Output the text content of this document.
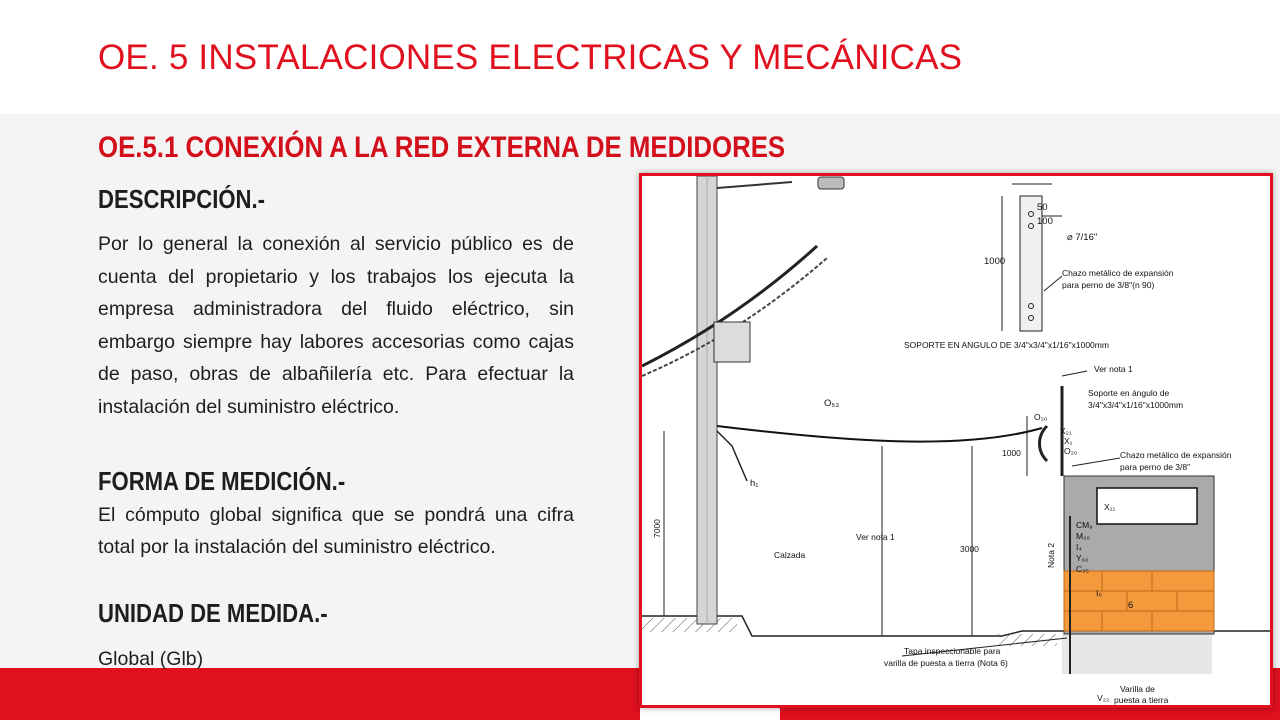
OE. 5 INSTALACIONES ELECTRICAS Y MECÁNICAS
OE.5.1 CONEXIÓN A LA RED EXTERNA DE MEDIDORES
DESCRIPCIÓN.-

Por lo general la conexión al servicio público es de cuenta del propietario y los trabajos los ejecuta la empresa administradora del fluido eléctrico, sin embargo siempre hay labores accesorias como cajas de paso, obras de albañilería etc. Para efectuar la instalación del suministro eléctrico.

FORMA DE MEDICIÓN.-

El cómputo global significa que se pondrá una cifra total por la instalación del suministro eléctrico.

UNIDAD DE MEDIDA.-

Global (Glb)

50
100
⌀ 7/16"
1000
Chazo metálico de expansión
para perno de 3/8"(n 90)
SOPORTE EN ANGULO DE 3/4"x3/4"x1/16"x1000mm
Ver nota 1
Soporte en ángulo de
3/4"x3/4"x1/16"x1000mm
Chazo metálico de expansión
para perno de 3/8"
O₅₃
h₁
O₂₀
X₂₁
X₁
O₂₀
1000
X₁₁
CM₉
M₂₀
I₄
Y₆₀
C₃₅
Nota 2
I₀
6
7000
Calzada
Ver nota 1
3000
Tapa inspeccionable para
varilla de puesta a tierra (Nota 6)
Varilla de
puesta a tierra
V₂₂
